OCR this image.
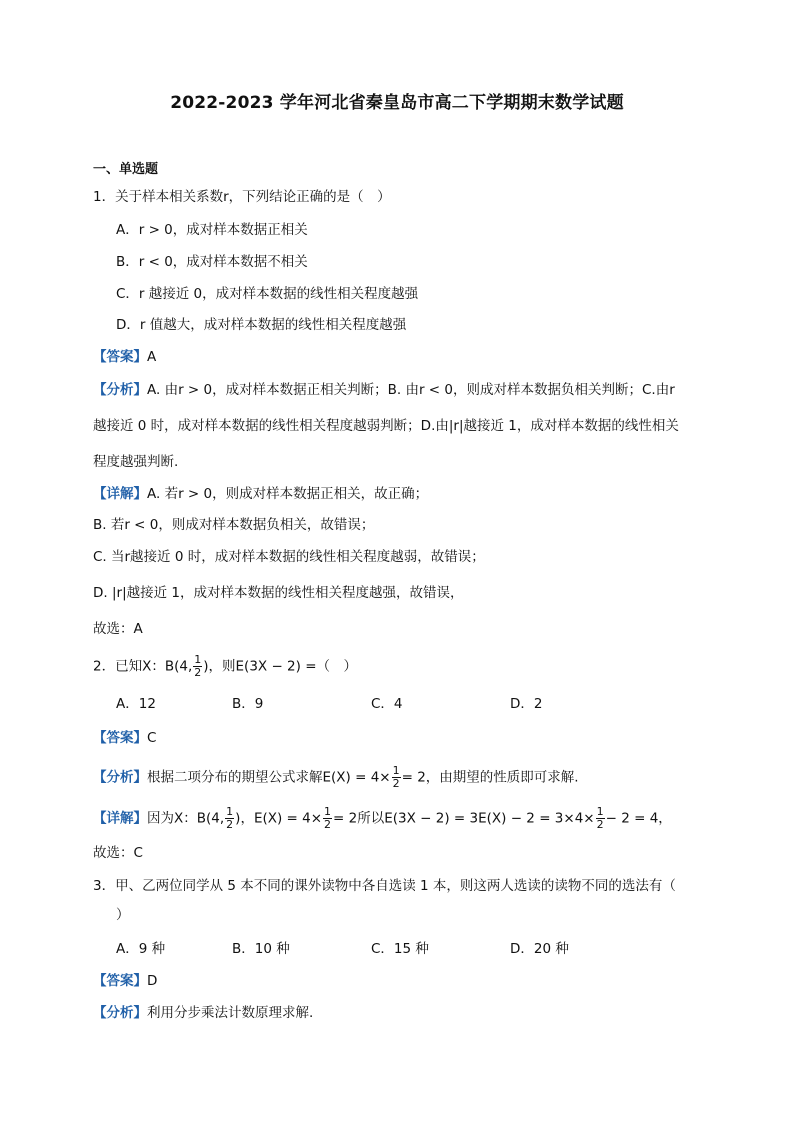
2022-2023 学年河北省秦皇岛市高二下学期期末数学试题
一、单选题
1．关于样本相关系数r，下列结论正确的是（　）
A．r > 0，成对样本数据正相关
B．r < 0，成对样本数据不相关
C．r 越接近 0，成对样本数据的线性相关程度越强
D．r 值越大，成对样本数据的线性相关程度越强
【答案】A
【分析】A. 由r > 0，成对样本数据正相关判断；B. 由r < 0，则成对样本数据负相关判断；C.由r
越接近 0 时，成对样本数据的线性相关程度越弱判断；D.由|r|越接近 1，成对样本数据的线性相关
程度越强判断.
【详解】A. 若r > 0，则成对样本数据正相关，故正确；
B. 若r < 0，则成对样本数据负相关，故错误；
C. 当r越接近 0 时，成对样本数据的线性相关程度越弱，故错误；
D. |r|越接近 1，成对样本数据的线性相关程度越强，故错误，
故选：A
2．已知X：B(4, $\frac{1}{2}$ )，则E(3X − 2) =（　）
A．12	B．9	C．4	D．2
【答案】C
【分析】根据二项分布的期望公式求解$E(X) = 4\times \frac{1}{2} = 2$，由期望的性质即可求解.
【详解】因为X：B(4, $\frac{1}{2}$ )，$E(X) = 4\times \frac{1}{2} = 2$所以$E(3X - 2) = 3E(X) - 2 = 3\times 4\times \frac{1}{2} - 2 = 4$，
故选：C
3．甲、乙两位同学从 5 本不同的课外读物中各自选读 1 本，则这两人选读的读物不同的选法有（
）
A．9 种	B．10 种	C．15 种	D．20 种
【答案】D
【分析】利用分步乘法计数原理求解.
